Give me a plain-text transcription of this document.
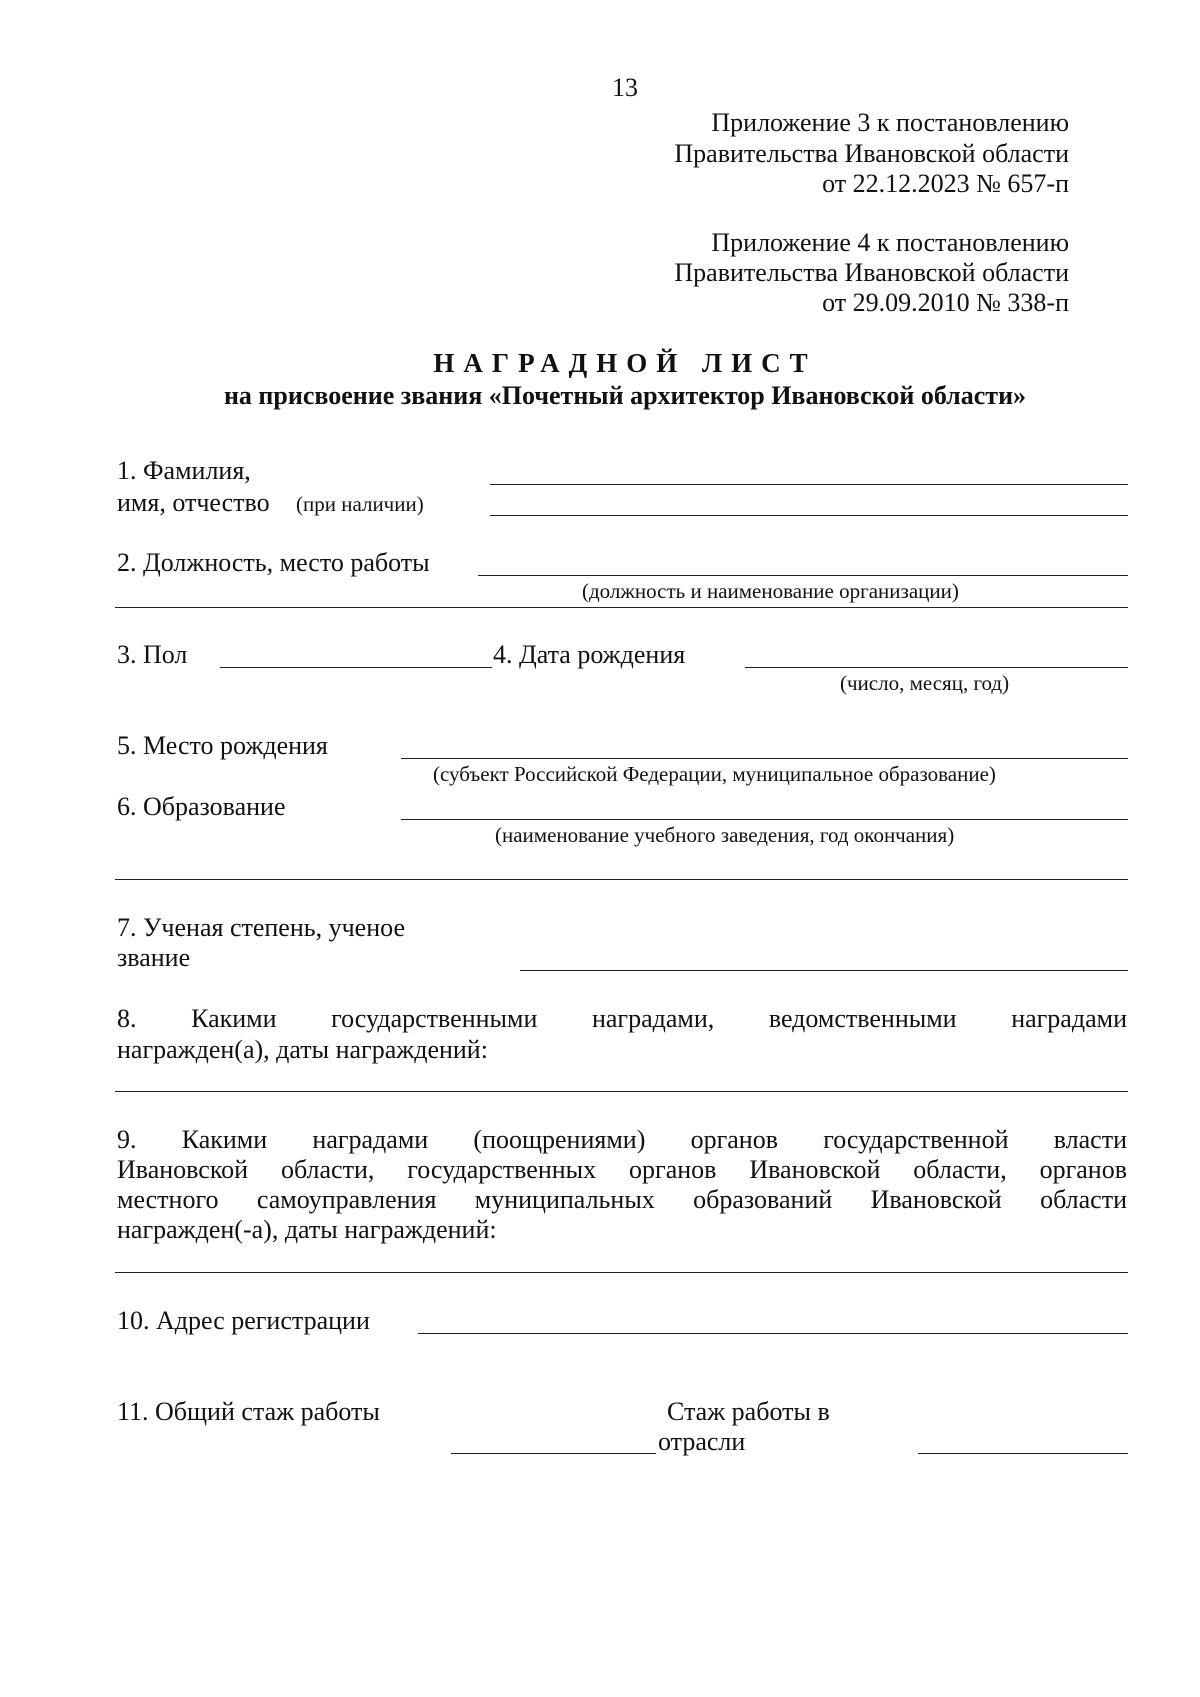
13
Приложение 3 к постановлению
Правительства Ивановской области
от 22.12.2023 № 657-п
Приложение 4 к постановлению
Правительства Ивановской области
от 29.09.2010 № 338-п
НАГРАДНОЙ ЛИСТ
на присвоение звания «Почетный архитектор Ивановской области»
1. Фамилия,
имя, отчество (при наличии)
2. Должность, место работы
(должность и наименование организации)
3. Пол	4. Дата рождения
(число, месяц, год)
5. Место рождения
(субъект Российской Федерации, муниципальное образование)
6. Образование
(наименование учебного заведения, год окончания)
7. Ученая степень, ученое
звание
8. Какими государственными наградами, ведомственными наградами
награжден(а), даты награждений:
9. Какими наградами (поощрениями) органов государственной власти
Ивановской области, государственных органов Ивановской области, органов
местного самоуправления муниципальных образований Ивановской области
награжден(-а), даты награждений:
10. Адрес регистрации
11. Общий стаж работы	Стаж работы в
отрасли
